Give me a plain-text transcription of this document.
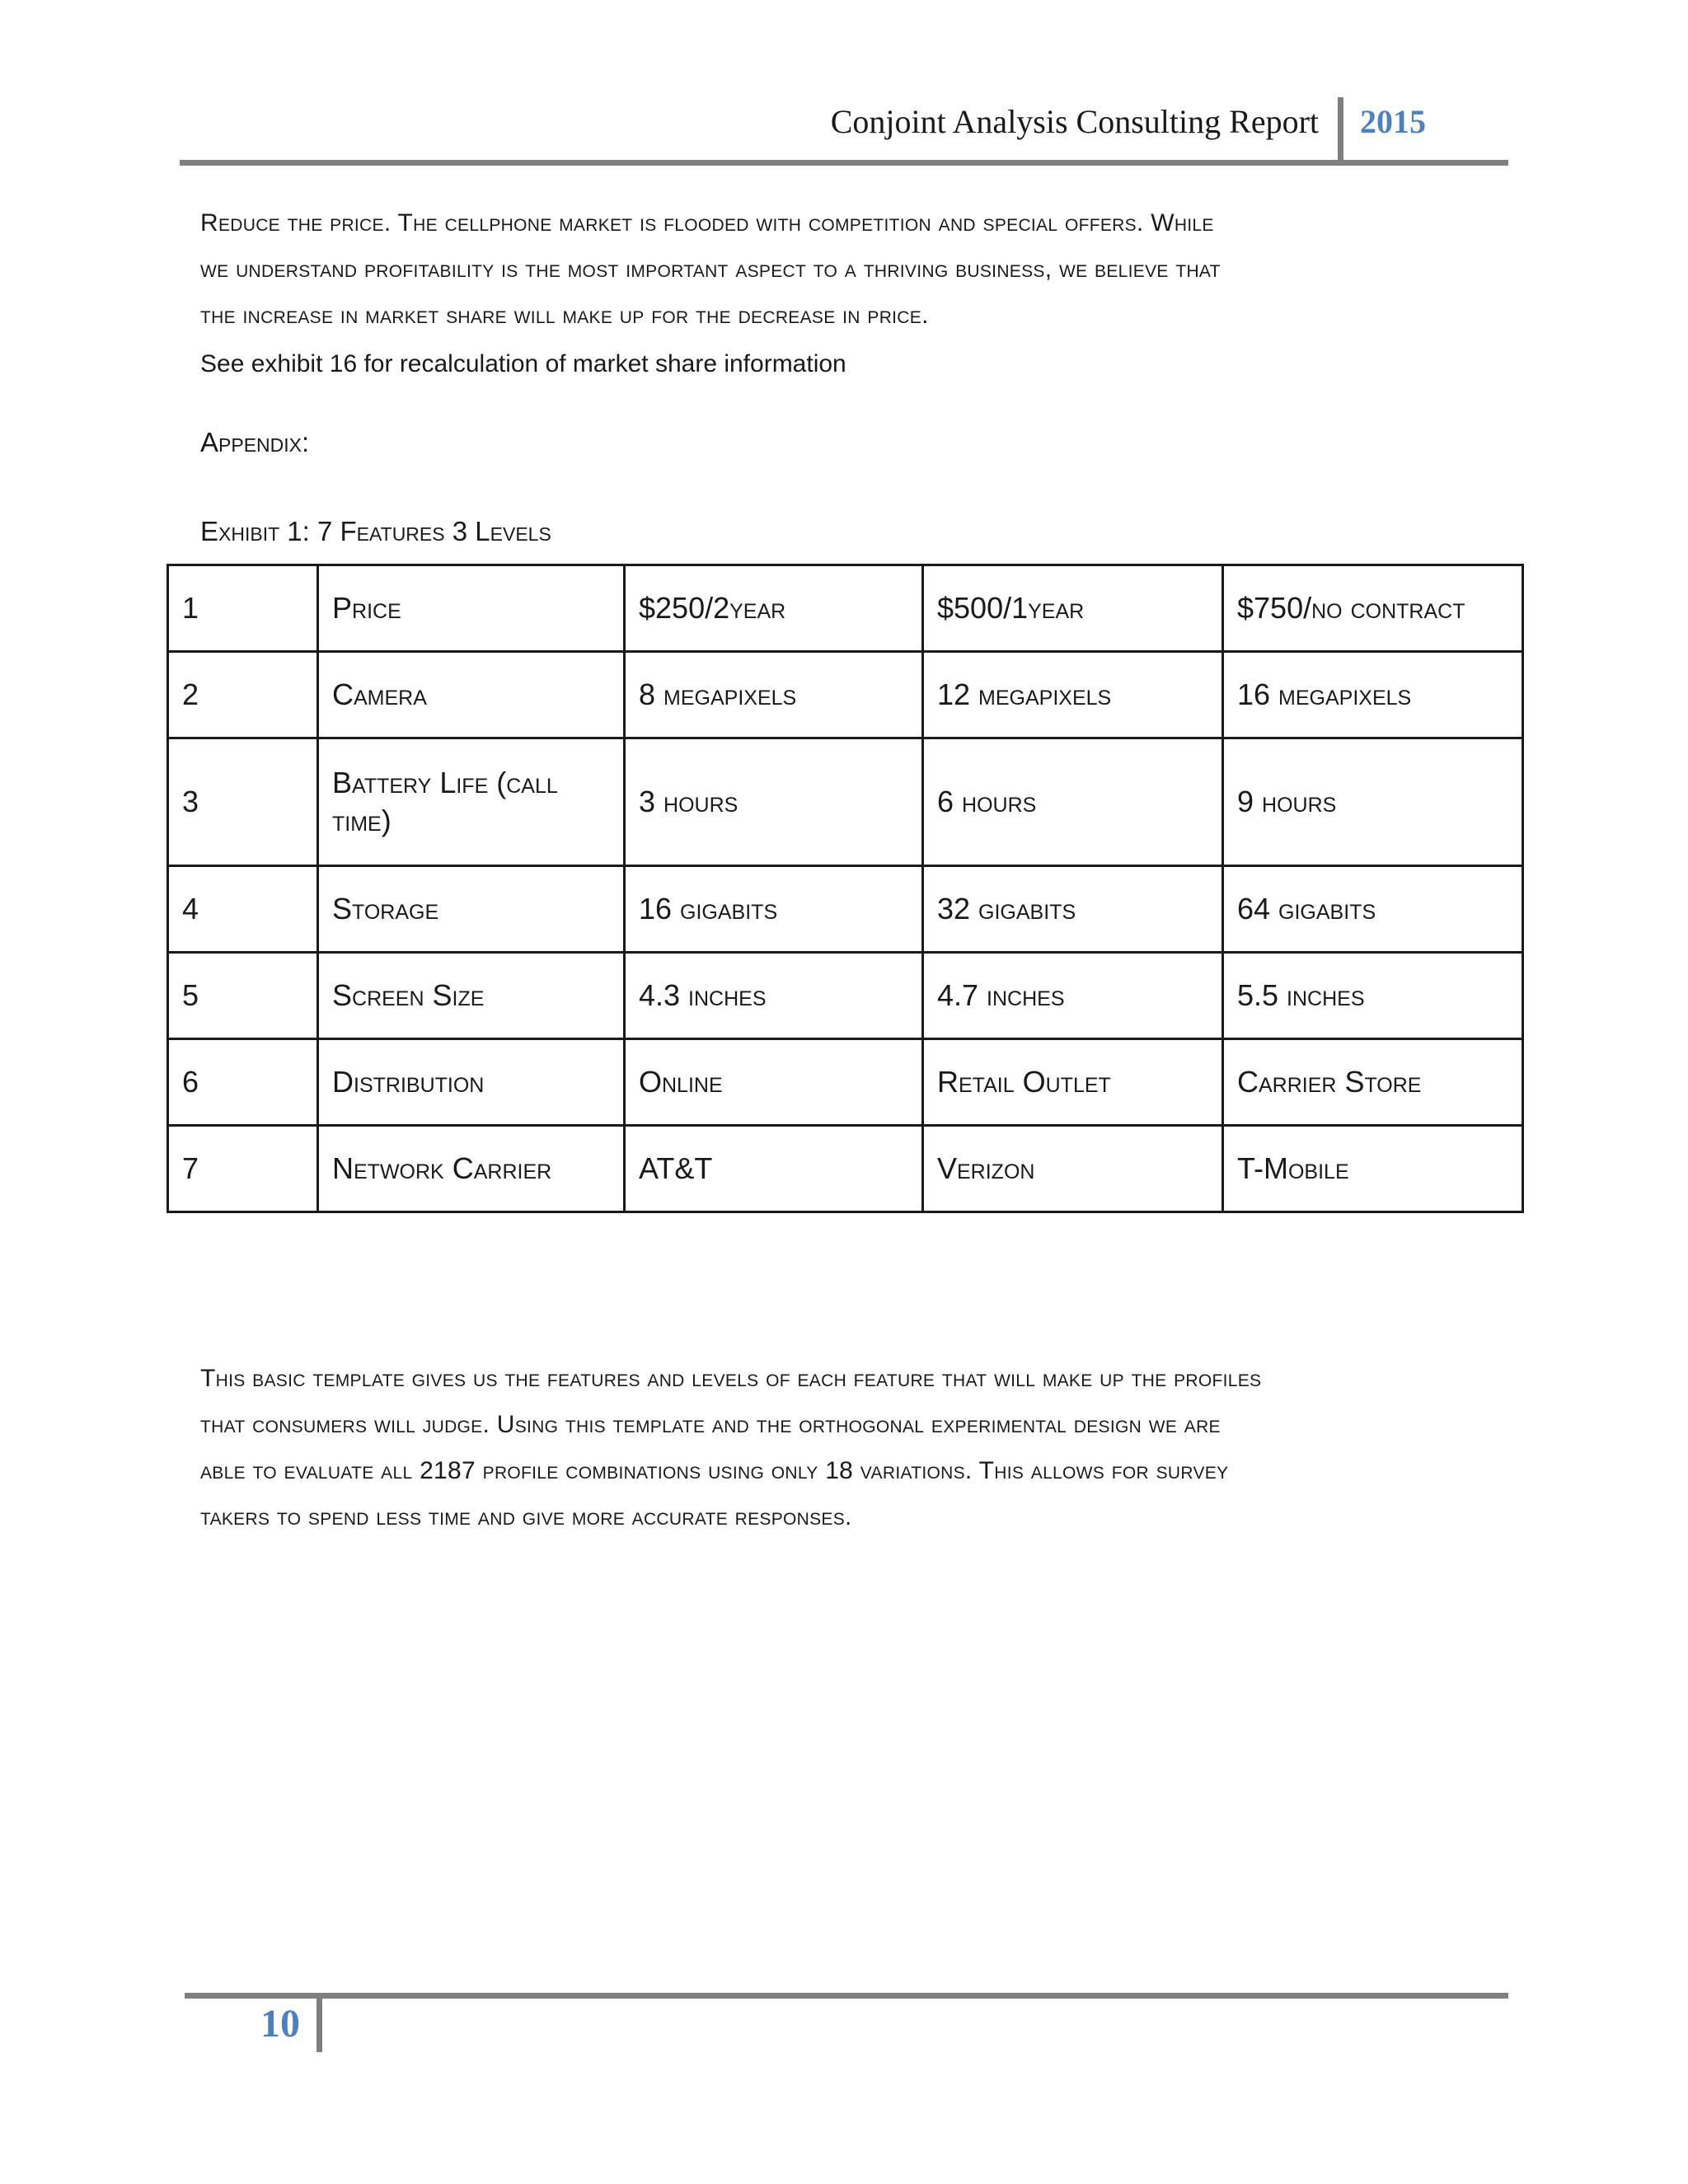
Conjoint Analysis Consulting Report 2015
Reduce the price. The cellphone market is flooded with competition and special offers. While
we understand profitability is the most important aspect to a thriving business, we believe that
the increase in market share will make up for the decrease in price.
See exhibit 16 for recalculation of market share information
Appendix:
Exhibit 1: 7 Features 3 Levels
1	Price	$250/2year	$500/1year	$750/no contract
2	Camera	8 megapixels	12 megapixels	16 megapixels
3	Battery Life (call time)	3 hours	6 hours	9 hours
4	Storage	16 gigabits	32 gigabits	64 gigabits
5	Screen Size	4.3 inches	4.7 inches	5.5 inches
6	Distribution	Online	Retail Outlet	Carrier Store
7	Network Carrier	AT&T	Verizon	T-Mobile
This basic template gives us the features and levels of each feature that will make up the profiles
that consumers will judge. Using this template and the orthogonal experimental design we are
able to evaluate all 2187 profile combinations using only 18 variations. This allows for survey
takers to spend less time and give more accurate responses.
10
